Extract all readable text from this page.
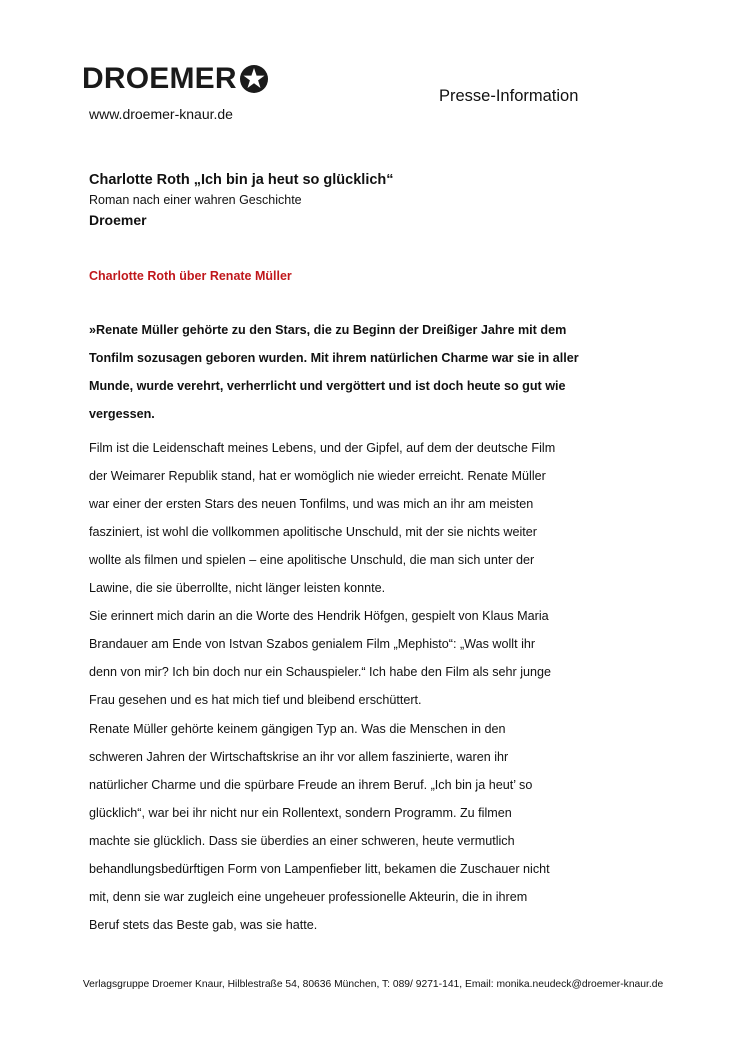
DROEMER
www.droemer-knaur.de
Presse-Information
Charlotte Roth „Ich bin ja heut so glücklich“
Roman nach einer wahren Geschichte
Droemer
Charlotte Roth über Renate Müller

»Renate Müller gehörte zu den Stars, die zu Beginn der Dreißiger Jahre mit dem

Tonfilm sozusagen geboren wurden. Mit ihrem natürlichen Charme war sie in aller

Munde, wurde verehrt, verherrlicht und vergöttert und ist doch heute so gut wie

vergessen.

Film ist die Leidenschaft meines Lebens, und der Gipfel, auf dem der deutsche Film

der Weimarer Republik stand, hat er womöglich nie wieder erreicht. Renate Müller

war einer der ersten Stars des neuen Tonfilms, und was mich an ihr am meisten

fasziniert, ist wohl die vollkommen apolitische Unschuld, mit der sie nichts weiter

wollte als filmen und spielen – eine apolitische Unschuld, die man sich unter der

Lawine, die sie überrollte, nicht länger leisten konnte.

Sie erinnert mich darin an die Worte des Hendrik Höfgen, gespielt von Klaus Maria

Brandauer am Ende von Istvan Szabos genialem Film „Mephisto“: „Was wollt ihr

denn von mir? Ich bin doch nur ein Schauspieler.“ Ich habe den Film als sehr junge

Frau gesehen und es hat mich tief und bleibend erschüttert.

Renate Müller gehörte keinem gängigen Typ an. Was die Menschen in den

schweren Jahren der Wirtschaftskrise an ihr vor allem faszinierte, waren ihr

natürlicher Charme und die spürbare Freude an ihrem Beruf. „Ich bin ja heut’ so

glücklich“, war bei ihr nicht nur ein Rollentext, sondern Programm. Zu filmen

machte sie glücklich. Dass sie überdies an einer schweren, heute vermutlich

behandlungsbedürftigen Form von Lampenfieber litt, bekamen die Zuschauer nicht

mit, denn sie war zugleich eine ungeheuer professionelle Akteurin, die in ihrem

Beruf stets das Beste gab, was sie hatte.

Verlagsgruppe Droemer Knaur, Hilblestraße 54, 80636 München, T: 089/ 9271-141, Email: monika.neudeck@droemer-knaur.de
